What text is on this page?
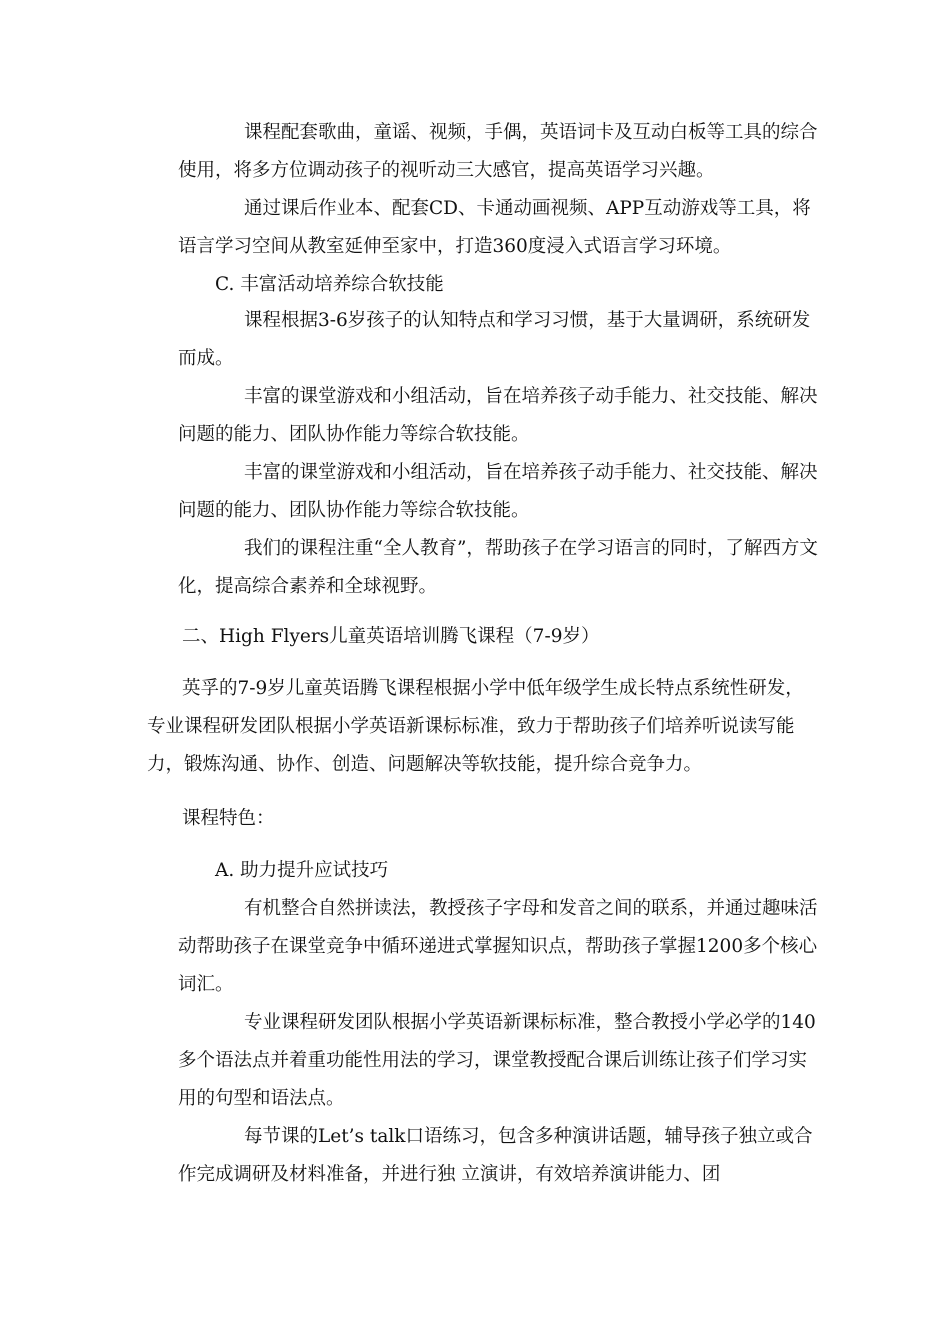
课程配套歌曲，童谣、视频，手偶，英语词卡及互动白板等工具的综合使用，将多方位调动孩子的视听动三大感官，提高英语学习兴趣。

通过课后作业本、配套CD、卡通动画视频、APP互动游戏等工具，将语言学习空间从教室延伸至家中，打造360度浸入式语言学习环境。

C. 丰富活动培养综合软技能

课程根据3-6岁孩子的认知特点和学习习惯，基于大量调研，系统研发而成。

丰富的课堂游戏和小组活动，旨在培养孩子动手能力、社交技能、解决问题的能力、团队协作能力等综合软技能。

丰富的课堂游戏和小组活动，旨在培养孩子动手能力、社交技能、解决问题的能力、团队协作能力等综合软技能。

我们的课程注重“全人教育”，帮助孩子在学习语言的同时，了解西方文化，提高综合素养和全球视野。

二、High Flyers儿童英语培训腾飞课程（7-9岁）

英孚的7-9岁儿童英语腾飞课程根据小学中低年级学生成长特点系统性研发，专业课程研发团队根据小学英语新课标标准，致力于帮助孩子们培养听说读写能力，锻炼沟通、协作、创造、问题解决等软技能，提升综合竞争力。

课程特色：

A. 助力提升应试技巧

有机整合自然拼读法，教授孩子字母和发音之间的联系，并通过趣味活动帮助孩子在课堂竞争中循环递进式掌握知识点，帮助孩子掌握1200多个核心词汇。

专业课程研发团队根据小学英语新课标标准，整合教授小学必学的140多个语法点并着重功能性用法的学习，课堂教授配合课后训练让孩子们学习实用的句型和语法点。

每节课的Let’s talk口语练习，包含多种演讲话题，辅导孩子独立或合作完成调研及材料准备，并进行独 立演讲，有效培养演讲能力、团
